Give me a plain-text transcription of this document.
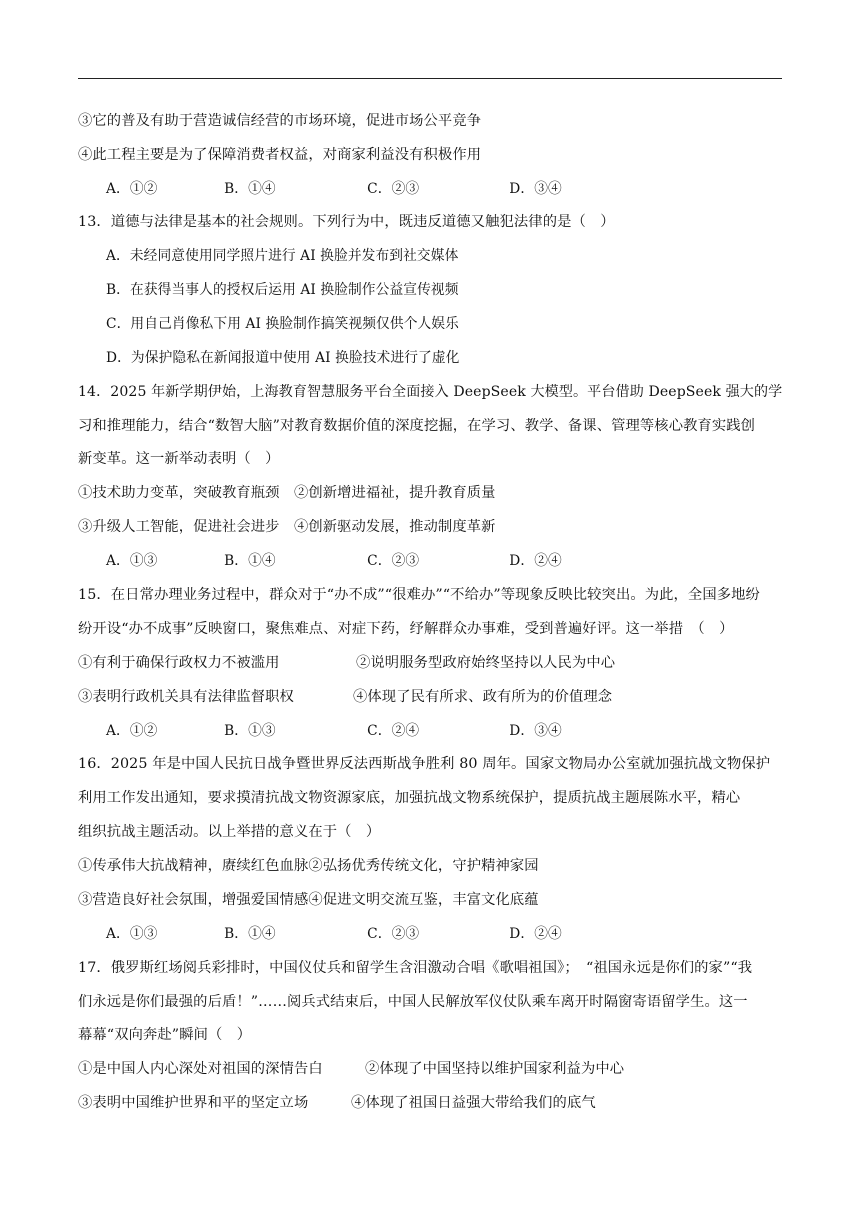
③它的普及有助于营造诚信经营的市场环境，促进市场公平竞争
④此工程主要是为了保障消费者权益，对商家利益没有积极作用
A．①②	B．①④	C．②③	D．③④
13．道德与法律是基本的社会规则。下列行为中，既违反道德又触犯法律的是（　）
A．未经同意使用同学照片进行 AI 换脸并发布到社交媒体
B．在获得当事人的授权后运用 AI 换脸制作公益宣传视频
C．用自己肖像私下用 AI 换脸制作搞笑视频仅供个人娱乐
D．为保护隐私在新闻报道中使用 AI 换脸技术进行了虚化
14．2025 年新学期伊始，上海教育智慧服务平台全面接入 DeepSeek 大模型。平台借助 DeepSeek 强大的学
习和推理能力，结合“数智大脑”对教育数据价值的深度挖掘，在学习、教学、备课、管理等核心教育实践创
新变革。这一新举动表明（　）
①技术助力变革，突破教育瓶颈　②创新增进福祉，提升教育质量
③升级人工智能，促进社会进步　④创新驱动发展，推动制度革新
A．①③	B．①④	C．②③	D．②④
15．在日常办理业务过程中，群众对于“办不成”“很难办”“不给办”等现象反映比较突出。为此，全国多地纷
纷开设“办不成事”反映窗口，聚焦难点、对症下药，纾解群众办事难，受到普遍好评。这一举措　（　）
①有利于确保行政权力不被滥用	②说明服务型政府始终坚持以人民为中心
③表明行政机关具有法律监督职权	④体现了民有所求、政有所为的价值理念
A．①②	B．①③	C．②④	D．③④
16．2025 年是中国人民抗日战争暨世界反法西斯战争胜利 80 周年。国家文物局办公室就加强抗战文物保护
利用工作发出通知，要求摸清抗战文物资源家底，加强抗战文物系统保护，提质抗战主题展陈水平，精心
组织抗战主题活动。以上举措的意义在于（　）
①传承伟大抗战精神，赓续红色血脉②弘扬优秀传统文化，守护精神家园
③营造良好社会氛围，增强爱国情感④促进文明交流互鉴，丰富文化底蕴
A．①③	B．①④	C．②③	D．②④
17．俄罗斯红场阅兵彩排时，中国仪仗兵和留学生含泪激动合唱《歌唱祖国》；　“祖国永远是你们的家”“我
们永远是你们最强的后盾！”……阅兵式结束后，中国人民解放军仪仗队乘车离开时隔窗寄语留学生。这一
幕幕“双向奔赴”瞬间（　）
①是中国人内心深处对祖国的深情告白	②体现了中国坚持以维护国家利益为中心
③表明中国维护世界和平的坚定立场	④体现了祖国日益强大带给我们的底气
